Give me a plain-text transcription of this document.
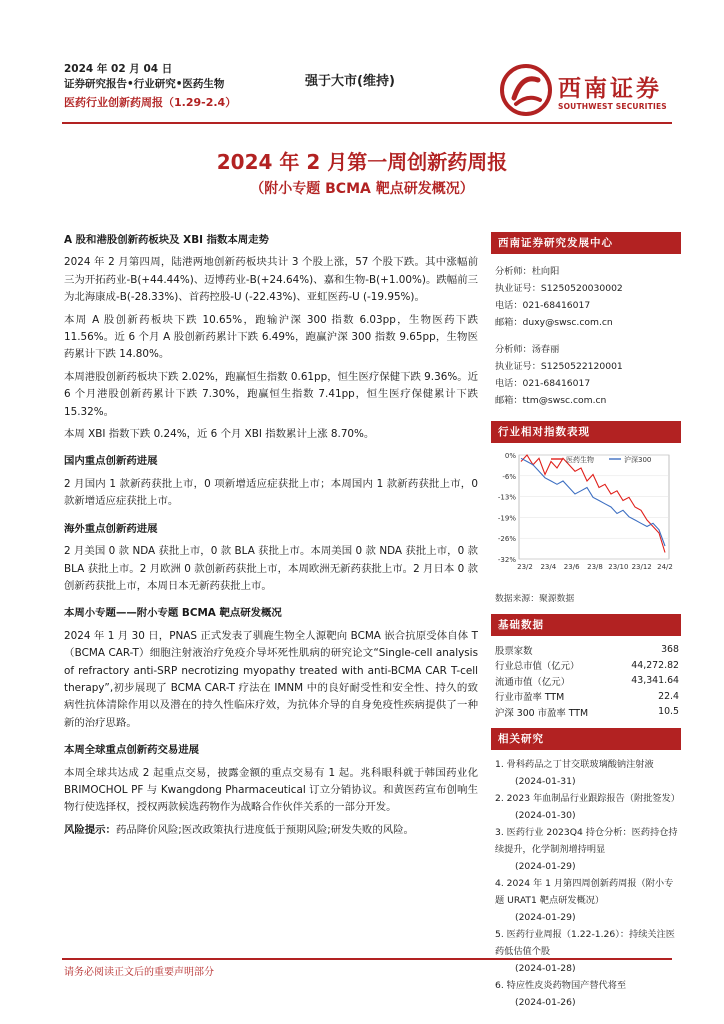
2024 年 02 月 04 日
证券研究报告•行业研究•医药生物
医药行业创新药周报（1.29-2.4）
强于大市(维持)	西南证券
SOUTHWEST SECURITIES
2024 年 2 月第一周创新药周报
（附小专题 BCMA 靶点研发概况）
A 股和港股创新药板块及 XBI 指数本周走势

2024 年 2 月第四周，陆港两地创新药板块共计 3 个股上涨，57 个股下跌。其中涨幅前三为开拓药业-B(+44.44%)、迈博药业-B(+24.64%)、嘉和生物-B(+1.00%)。跌幅前三为北海康成-B(-28.33%)、首药控股-U (-22.43%)、亚虹医药-U (-19.95%)。

本周 A 股创新药板块下跌 10.65%，跑输沪深 300 指数 6.03pp，生物医药下跌 11.56%。近 6 个月 A 股创新药累计下跌 6.49%，跑赢沪深 300 指数 9.65pp，生物医药累计下跌 14.80%。

本周港股创新药板块下跌 2.02%，跑赢恒生指数 0.61pp，恒生医疗保健下跌 9.36%。近 6 个月港股创新药累计下跌 7.30%，跑赢恒生指数 7.41pp，恒生医疗保健累计下跌 15.32%。

本周 XBI 指数下跌 0.24%，近 6 个月 XBI 指数累计上涨 8.70%。

国内重点创新药进展

2 月国内 1 款新药获批上市，0 项新增适应症获批上市；本周国内 1 款新药获批上市，0 款新增适应症获批上市。

海外重点创新药进展

2 月美国 0 款 NDA 获批上市，0 款 BLA 获批上市。本周美国 0 款 NDA 获批上市，0 款 BLA 获批上市。2 月欧洲 0 款创新药获批上市，本周欧洲无新药获批上市。2 月日本 0 款创新药获批上市，本周日本无新药获批上市。

本周小专题——附小专题 BCMA 靶点研发概况

2024 年 1 月 30 日，PNAS 正式发表了驯鹿生物全人源靶向 BCMA 嵌合抗原受体自体 T（BCMA CAR-T）细胞注射液治疗免疫介导坏死性肌病的研究论文“Single-cell analysis of refractory anti-SRP necrotizing myopathy treated with anti-BCMA CAR T-cell therapy”,初步展现了 BCMA CAR-T 疗法在 IMNM 中的良好耐受性和安全性、持久的致病性抗体清除作用以及潜在的持久性临床疗效，为抗体介导的自身免疫性疾病提供了一种新的治疗思路。

本周全球重点创新药交易进展

本周全球共达成 2 起重点交易，披露金额的重点交易有 1 起。兆科眼科就于韩国药业化 BRIMOCHOL PF 与 Kwangdong Pharmaceutical 订立分销协议。和黄医药宣布创响生物行使选择权，授权两款候选药物作为战略合作伙伴关系的一部分开发。

风险提示：药品降价风险;医改政策执行进度低于预期风险;研发失败的风险。

西南证券研究发展中心
分析师：杜向阳
执业证号：S1250520030002
电话：021-68416017
邮箱：duxy@swsc.com.cn
分析师：汤春丽
执业证号：S1250522120001
电话：021-68416017
邮箱：ttm@swsc.com.cn
行业相对指数表现
0%
-6%
-13%
-19%
-26%
-32%
23/2 23/4 23/6 23/8 23/10 23/12 24/2
医药生物	沪深300
数据来源：聚源数据
基础数据
股票家数	368
行业总市值（亿元）	44,272.82
流通市值（亿元）	43,341.64
行业市盈率 TTM	22.4
沪深 300 市盈率 TTM	10.5
相关研究
1. 骨科药品之丁甘交联玻璃酸钠注射液
(2024-01-31)
2. 2023 年血制品行业跟踪报告（附批签发）
(2024-01-30)
3. 医药行业 2023Q4 持仓分析：医药持仓持续提升，化学制剂增持明显
(2024-01-29)
4. 2024 年 1 月第四周创新药周报（附小专题 URAT1 靶点研发概况）
(2024-01-29)
5. 医药行业周报（1.22-1.26）：持续关注医药低估值个股
(2024-01-28)
6. 特应性皮炎药物国产替代将至
(2024-01-26)
请务必阅读正文后的重要声明部分
